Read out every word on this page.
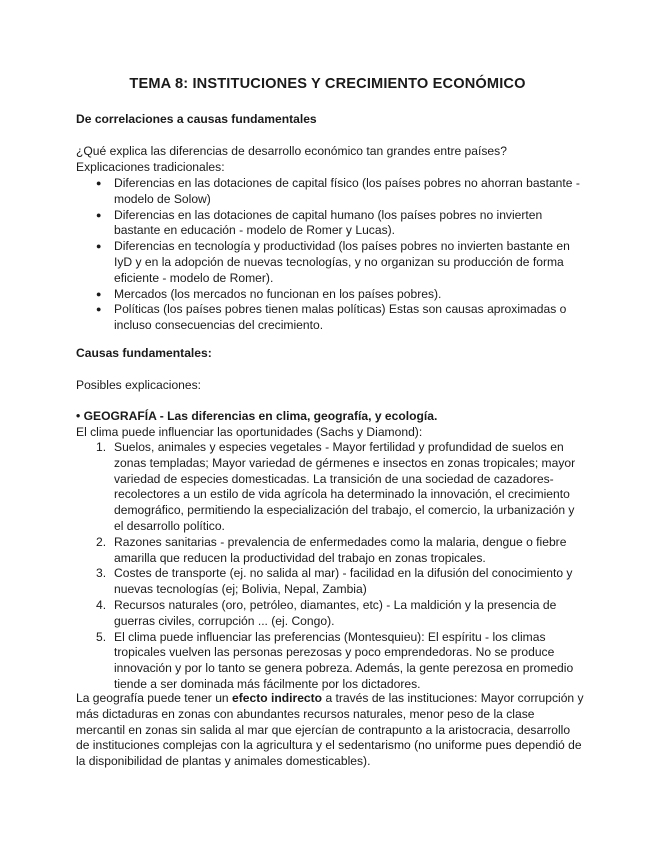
TEMA 8: INSTITUCIONES Y CRECIMIENTO ECONÓMICO
De correlaciones a causas fundamentales
¿Qué explica las diferencias de desarrollo económico tan grandes entre países? Explicaciones tradicionales:
● Diferencias en las dotaciones de capital físico (los países pobres no ahorran bastante - modelo de Solow)
● Diferencias en las dotaciones de capital humano (los países pobres no invierten bastante en educación - modelo de Romer y Lucas).
● Diferencias en tecnología y productividad (los países pobres no invierten bastante en IyD y en la adopción de nuevas tecnologías, y no organizan su producción de forma eficiente - modelo de Romer).
● Mercados (los mercados no funcionan en los países pobres).
● Políticas (los países pobres tienen malas políticas) Estas son causas aproximadas o incluso consecuencias del crecimiento.
Causas fundamentales:
Posibles explicaciones:
• GEOGRAFÍA - Las diferencias en clima, geografía, y ecología.
El clima puede influenciar las oportunidades (Sachs y Diamond):
1. Suelos, animales y especies vegetales - Mayor fertilidad y profundidad de suelos en zonas templadas; Mayor variedad de gérmenes e insectos en zonas tropicales; mayor variedad de especies domesticadas. La transición de una sociedad de cazadores-recolectores a un estilo de vida agrícola ha determinado la innovación, el crecimiento demográfico, permitiendo la especialización del trabajo, el comercio, la urbanización y el desarrollo político.
2. Razones sanitarias - prevalencia de enfermedades como la malaria, dengue o fiebre amarilla que reducen la productividad del trabajo en zonas tropicales.
3. Costes de transporte (ej. no salida al mar) - facilidad en la difusión del conocimiento y nuevas tecnologías (ej; Bolivia, Nepal, Zambia)
4. Recursos naturales (oro, petróleo, diamantes, etc) - La maldición y la presencia de guerras civiles, corrupción ... (ej. Congo).
5. El clima puede influenciar las preferencias (Montesquieu): El espíritu - los climas tropicales vuelven las personas perezosas y poco emprendedoras. No se produce innovación y por lo tanto se genera pobreza. Además, la gente perezosa en promedio tiende a ser dominada más fácilmente por los dictadores.
La geografía puede tener un efecto indirecto a través de las instituciones: Mayor corrupción y más dictaduras en zonas con abundantes recursos naturales, menor peso de la clase mercantil en zonas sin salida al mar que ejercían de contrapunto a la aristocracia, desarrollo de instituciones complejas con la agricultura y el sedentarismo (no uniforme pues dependió de la disponibilidad de plantas y animales domesticables).
